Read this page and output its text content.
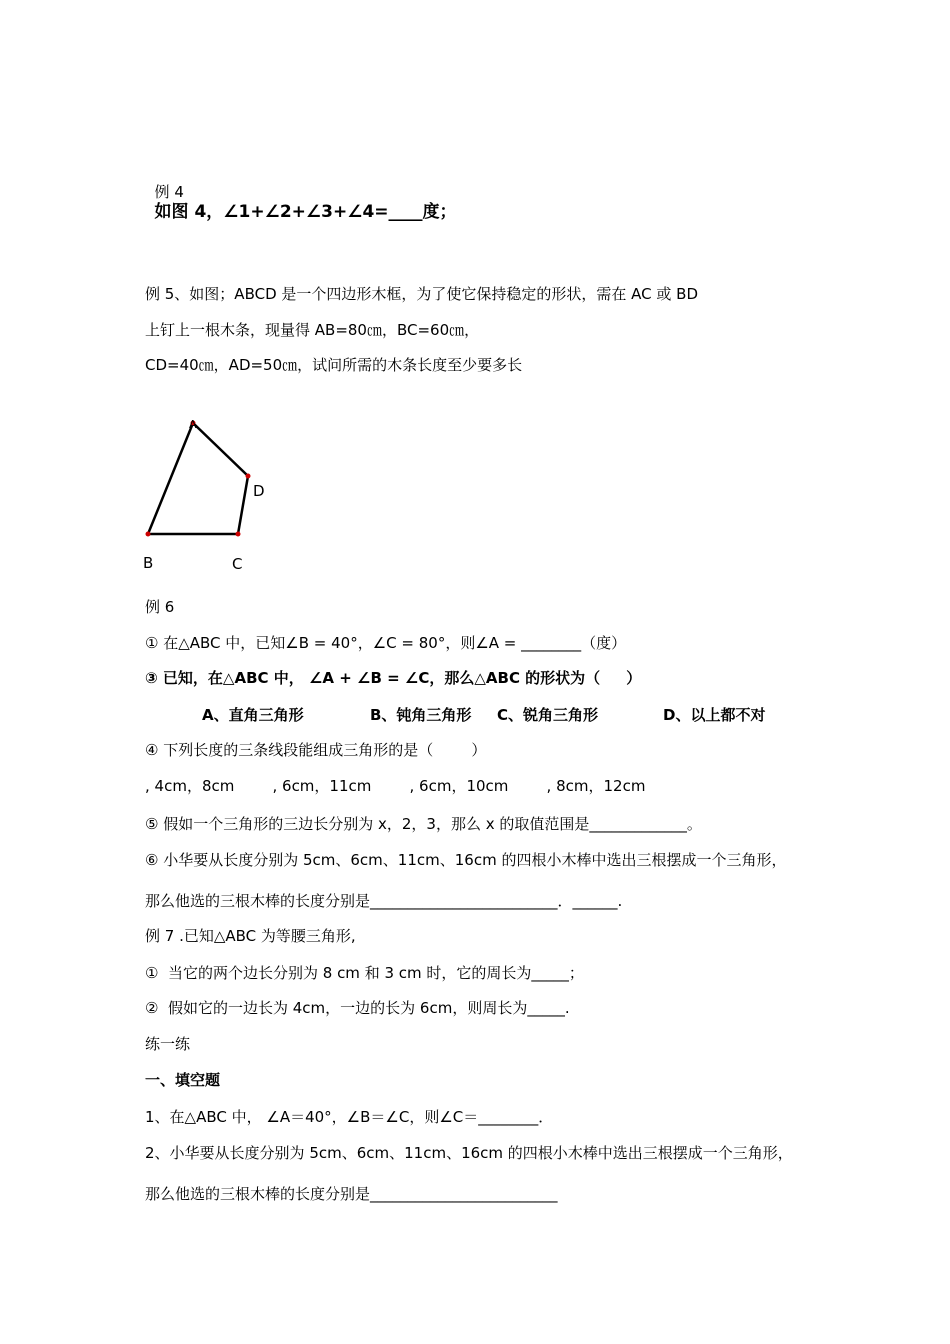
例 4
如图 4，∠1+∠2+∠3+∠4=____度；

例 5、如图；ABCD 是一个四边形木框，为了使它保持稳定的形状，需在 AC 或 BD
上钉上一根木条，现量得 AB=80㎝，BC=60㎝，
CD=40㎝，AD=50㎝，试问所需的木条长度至少要多长
A
D
B	C
例 6
① 在△ABC 中，已知∠B = 40°，∠C = 80°，则∠A = ________（度）
③ 已知，在△ABC 中， ∠A + ∠B = ∠C，那么△ABC 的形状为（     ）
A、直角三角形	B、钝角三角形 C、锐角三角形	D、以上都不对
④ 下列长度的三条线段能组成三角形的是（        ）
, 4cm，8cm        , 6cm，11cm        , 6cm，10cm        , 8cm，12cm
⑤ 假如一个三角形的三边长分别为 x，2，3，那么 x 的取值范围是_____________。
⑥ 小华要从长度分别为 5cm、6cm、11cm、16cm 的四根小木棒中选出三根摆成一个三角形，
那么他选的三根木棒的长度分别是_________________________．______.
例 7 .已知△ABC 为等腰三角形,
①  当它的两个边长分别为 8 cm 和 3 cm 时，它的周长为_____；
②  假如它的一边长为 4cm，一边的长为 6cm，则周长为_____.
练一练
一、填空题
1、在△ABC 中， ∠A＝40°，∠B＝∠C，则∠C＝________．
2、小华要从长度分别为 5cm、6cm、11cm、16cm 的四根小木棒中选出三根摆成一个三角形，
那么他选的三根木棒的长度分别是_________________________
